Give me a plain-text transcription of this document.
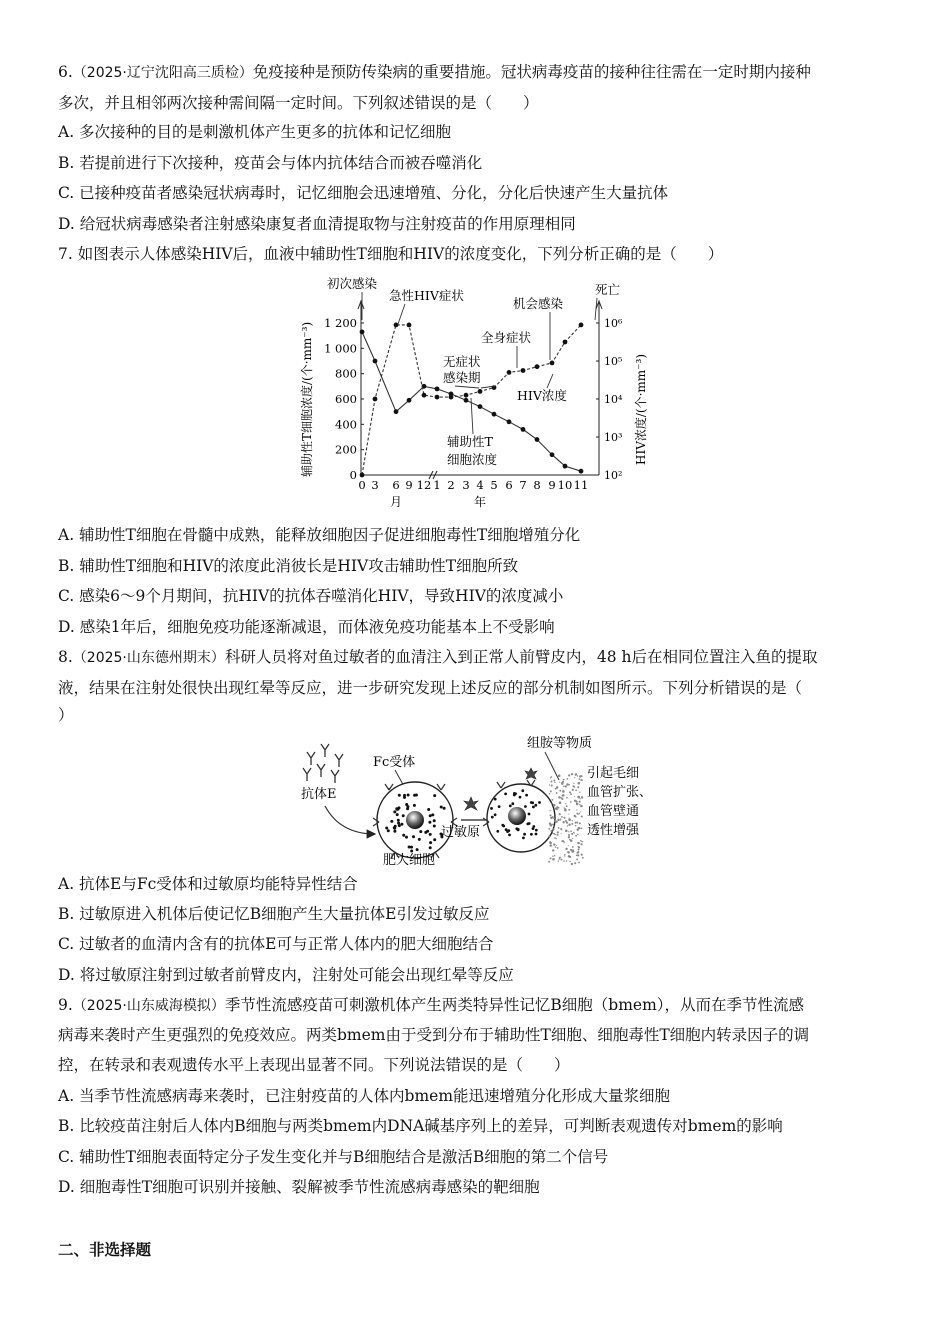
6.（2025·辽宁沈阳高三质检）免疫接种是预防传染病的重要措施。冠状病毒疫苗的接种往往需在一定时期内接种
多次，并且相邻两次接种需间隔一定时间。下列叙述错误的是（　　）
A. 多次接种的目的是刺激机体产生更多的抗体和记忆细胞
B. 若提前进行下次接种，疫苗会与体内抗体结合而被吞噬消化
C. 已接种疫苗者感染冠状病毒时，记忆细胞会迅速增殖、分化，分化后快速产生大量抗体
D. 给冠状病毒感染者注射感染康复者血清提取物与注射疫苗的作用原理相同
7. 如图表示人体感染HIV后，血液中辅助性T细胞和HIV的浓度变化，下列分析正确的是（　　）
0
200
400
600
800
1 000
1 200
10²
10³
10⁴
10⁵
10⁶
0 3 6 9 12 1 2 3 4 5 6 7 8 9 10 11
月	年
辅助性T细胞浓度/(个·mm⁻³)	HIV浓度/(个·mm⁻³)
初次感染
急性HIV症状
无症状
感染期
全身症状
机会感染
死亡
HIV浓度
辅助性T
细胞浓度
A. 辅助性T细胞在骨髓中成熟，能释放细胞因子促进细胞毒性T细胞增殖分化
B. 辅助性T细胞和HIV的浓度此消彼长是HIV攻击辅助性T细胞所致
C. 感染6～9个月期间，抗HIV的抗体吞噬消化HIV，导致HIV的浓度减小
D. 感染1年后，细胞免疫功能逐渐减退，而体液免疫功能基本上不受影响
8.（2025·山东德州期末）科研人员将对鱼过敏者的血清注入到正常人前臂皮内，48 h后在相同位置注入鱼的提取
液，结果在注射处很快出现红晕等反应，进一步研究发现上述反应的部分机制如图所示。下列分析错误的是（
）
抗体E
Fc受体
肥大细胞
过敏原
组胺等物质
引起毛细
血管扩张、
血管壁通
透性增强
A. 抗体E与Fc受体和过敏原均能特异性结合
B. 过敏原进入机体后使记忆B细胞产生大量抗体E引发过敏反应
C. 过敏者的血清内含有的抗体E可与正常人体内的肥大细胞结合
D. 将过敏原注射到过敏者前臂皮内，注射处可能会出现红晕等反应
9.（2025·山东威海模拟）季节性流感疫苗可刺激机体产生两类特异性记忆B细胞（bmem），从而在季节性流感
病毒来袭时产生更强烈的免疫效应。两类bmem由于受到分布于辅助性T细胞、细胞毒性T细胞内转录因子的调
控，在转录和表观遗传水平上表现出显著不同。下列说法错误的是（　　）
A. 当季节性流感病毒来袭时，已注射疫苗的人体内bmem能迅速增殖分化形成大量浆细胞
B. 比较疫苗注射后人体内B细胞与两类bmem内DNA碱基序列上的差异，可判断表观遗传对bmem的影响
C. 辅助性T细胞表面特定分子发生变化并与B细胞结合是激活B细胞的第二个信号
D. 细胞毒性T细胞可识别并接触、裂解被季节性流感病毒感染的靶细胞
二、非选择题
